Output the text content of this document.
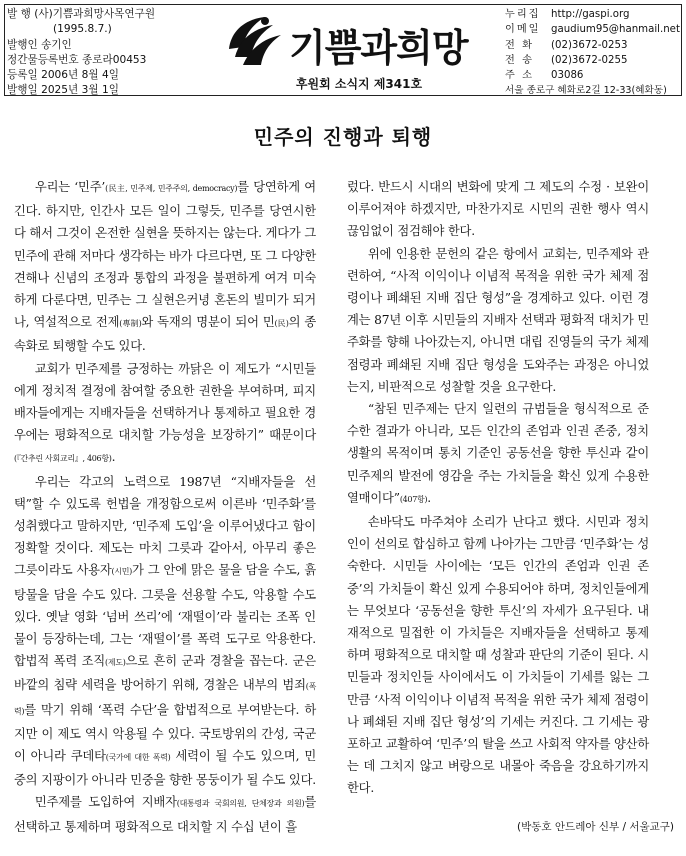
발 행 (사)기쁨과희망사목연구원
(1995.8.7.)
발행인 송기인
정간물등록번호 종로라00453
등록일 2006년 8월 4일
발행일 2025년 3월 1일
기쁨과희망
후원회 소식지 제341호
누리집 http://gaspi.org
이메일 gaudium95@hanmail.net
전 화 (02)3672-0253
전 송 (02)3672-0255
주 소 03086
서울 종로구 혜화로2길 12-33(혜화동)
민주의 진행과 퇴행

우리는 ‘민주’(民主, 민주제, 민주주의, democracy)를 당연하게 여긴다. 하지만, 인간사 모든 일이 그렇듯, 민주를 당연시한다 해서 그것이 온전한 실현을 뜻하지는 않는다. 게다가 그 민주에 관해 저마다 생각하는 바가 다르다면, 또 그 다양한 견해나 신념의 조정과 통합의 과정을 불편하게 여겨 미숙하게 다룬다면, 민주는 그 실현은커녕 혼돈의 빌미가 되거나, 역설적으로 전제(專制)와 독재의 명분이 되어 민(民)의 종속화로 퇴행할 수도 있다.

교회가 민주제를 긍정하는 까닭은 이 제도가 “시민들에게 정치적 결정에 참여할 중요한 권한을 부여하며, 피지배자들에게는 지배자들을 선택하거나 통제하고 필요한 경우에는 평화적으로 대치할 가능성을 보장하기” 때문이다(『간추린 사회교리』, 406항).

우리는 각고의 노력으로 1987년 “지배자들을 선택”할 수 있도록 헌법을 개정함으로써 이른바 ‘민주화’를 성취했다고 말하지만, ‘민주제 도입’을 이루어냈다고 함이 정확할 것이다. 제도는 마치 그릇과 같아서, 아무리 좋은 그릇이라도 사용자(시민)가 그 안에 맑은 물을 담을 수도, 흙탕물을 담을 수도 있다. 그릇을 선용할 수도, 악용할 수도 있다. 옛날 영화 ‘넘버 쓰리’에 ‘재떨이’라 불리는 조폭 인물이 등장하는데, 그는 ‘재떨이’를 폭력 도구로 악용한다. 합법적 폭력 조직(제도)으로 흔히 군과 경찰을 꼽는다. 군은 바깥의 침략 세력을 방어하기 위해, 경찰은 내부의 범죄(폭력)를 막기 위해 ‘폭력 수단’을 합법적으로 부여받는다. 하지만 이 제도 역시 악용될 수 있다. 국토방위의 간성, 국군이 아니라 쿠데타(국가에 대한 폭력) 세력이 될 수도 있으며, 민중의 지팡이가 아니라 민중을 향한 몽둥이가 될 수도 있다.

민주제를 도입하여 지배자(대통령과 국회의원, 단체장과 의원)를 선택하고 통제하며 평화적으로 대치할 지 수십 년이 흘

렀다. 반드시 시대의 변화에 맞게 그 제도의 수정 · 보완이 이루어져야 하겠지만, 마찬가지로 시민의 권한 행사 역시 끊임없이 점검해야 한다.

위에 인용한 문헌의 같은 항에서 교회는, 민주제와 관련하여, “사적 이익이나 이념적 목적을 위한 국가 체제 점령이나 폐쇄된 지배 집단 형성”을 경계하고 있다. 이런 경계는 87년 이후 시민들의 지배자 선택과 평화적 대치가 민주화를 향해 나아갔는지, 아니면 대립 진영들의 국가 체제 점령과 폐쇄된 지배 집단 형성을 도와주는 과정은 아니었는지, 비판적으로 성찰할 것을 요구한다.

“참된 민주제는 단지 일련의 규범들을 형식적으로 준수한 결과가 아니라, 모든 인간의 존엄과 인권 존중, 정치 생활의 목적이며 통치 기준인 공동선을 향한 투신과 같이 민주제의 발전에 영감을 주는 가치들을 확신 있게 수용한 열매이다”(407항).

손바닥도 마주쳐야 소리가 난다고 했다. 시민과 정치인이 선의로 합심하고 함께 나아가는 그만큼 ‘민주화’는 성숙한다. 시민들 사이에는 ‘모든 인간의 존엄과 인권 존중’의 가치들이 확신 있게 수용되어야 하며, 정치인들에게는 무엇보다 ‘공동선을 향한 투신’의 자세가 요구된다. 내재적으로 밀접한 이 가치들은 지배자들을 선택하고 통제하며 평화적으로 대치할 때 성찰과 판단의 기준이 된다. 시민들과 정치인들 사이에서도 이 가치들이 기세를 잃는 그만큼 ‘사적 이익이나 이념적 목적을 위한 국가 체제 점령이나 폐쇄된 지배 집단 형성’의 기세는 커진다. 그 기세는 광포하고 교활하여 ‘민주’의 탈을 쓰고 사회적 약자를 양산하는 데 그치지 않고 벼랑으로 내몰아 죽음을 강요하기까지 한다.

(박동호 안드레아 신부 / 서울교구)
